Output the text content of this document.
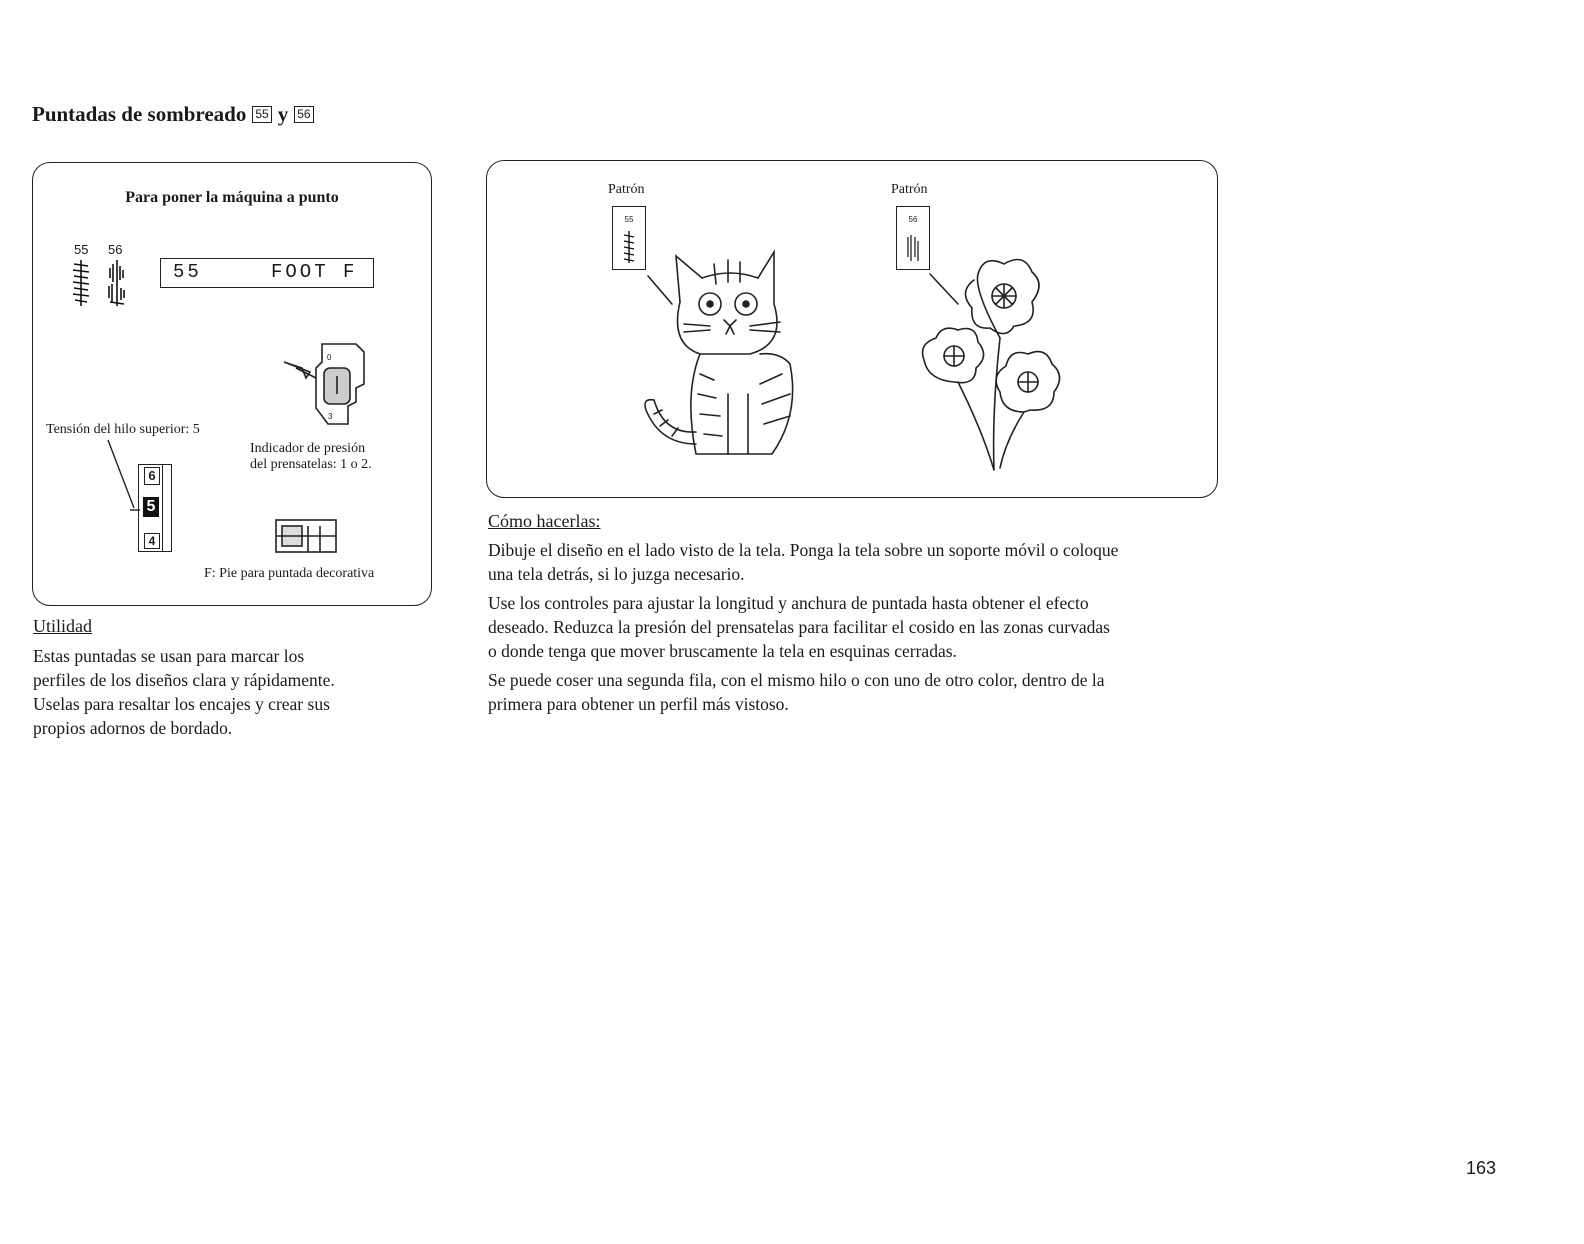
Puntadas de sombreado 55 y 56
Para poner la máquina a punto
55 56
55	FOOT F
0
3
Tensión del hilo superior: 5
Indicador de presión
del prensatelas: 1 o 2.
6
5
4
F: Pie para puntada decorativa
Utilidad
Estas puntadas se usan para marcar los
perfiles de los diseños clara y rápidamente.
Uselas para resaltar los encajes y crear sus
propios adornos de bordado.
Patrón	Patrón
55	56
Cómo hacerlas:
Dibuje el diseño en el lado visto de la tela. Ponga la tela sobre un soporte móvil o coloque
una tela detrás, si lo juzga necesario.
Use los controles para ajustar la longitud y anchura de puntada hasta obtener el efecto
deseado. Reduzca la presión del prensatelas para facilitar el cosido en las zonas curvadas
o donde tenga que mover bruscamente la tela en esquinas cerradas.
Se puede coser una segunda fila, con el mismo hilo o con uno de otro color, dentro de la
primera para obtener un perfil más vistoso.
163
